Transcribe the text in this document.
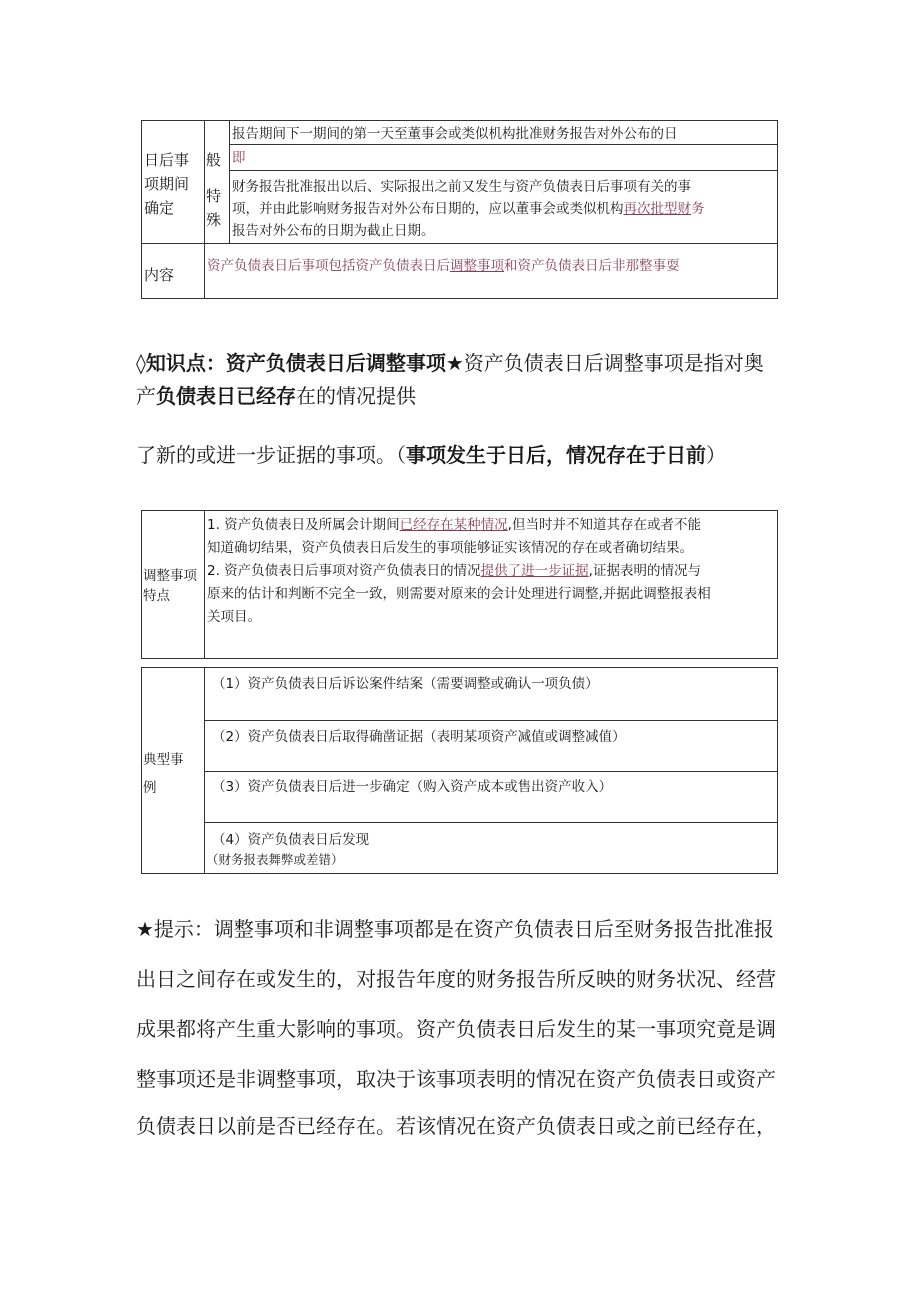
日后事
项期间
确定
般
报告期间下一期间的第一天至董事会或类似机构批准财务报告对外公布的日
即
特
殊
财务报告批准报出以后、实际报出之前又发生与资产负债表日后事项有关的事
项，并由此影响财务报告对外公布日期的，应以董事会或类似机构再次批型财务
报告对外公布的日期为截止日期。
内容 资产负债表日后事项包括资产负债表日后调整事项和资产负债表日后非那整事耍
◊知识点：资产负债表日后调整事项★资产负债表日后调整事项是指对奥
产负债表日已经存在的情况提供
了新的或进一步证据的事项。（事项发生于日后，情况存在于日前）
调整事项
特点
1. 资产负债表日及所属会计期间已经存在某种情况,但当时并不知道其存在或者不能
知道确切结果，资产负债表日后发生的事项能够证实该情况的存在或者确切结果。
2. 资产负债表日后事项对资产负债表日的情况提供了进一步证据,证据表明的情况与
原来的估计和判断不完全一致，则需要对原来的会计处理进行调整,并据此调整报表相
关项目。
典型事
例
（1）资产负债表日后诉讼案件结案（需要调整或确认一项负债）
（2）资产负债表日后取得确凿证据（表明某项资产减值或调整减值）
（3）资产负债表日后进一步确定（购入资产成本或售出资产收入）
（4）资产负债表日后发现
（财务报表舞弊或差错）
★提示：调整事项和非调整事项都是在资产负债表日后至财务报告批准报
出日之间存在或发生的，对报告年度的财务报告所反映的财务状况、经营
成果都将产生重大影响的事项。资产负债表日后发生的某一事项究竟是调
整事项还是非调整事项，取决于该事项表明的情况在资产负债表日或资产
负债表日以前是否已经存在。若该情况在资产负债表日或之前已经存在，
